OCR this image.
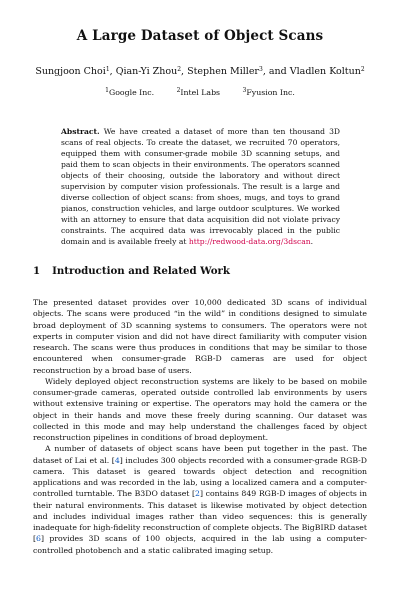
A Large Dataset of Object Scans
Sungjoon Choi$^1$, Qian-Yi Zhou$^2$, Stephen Miller$^3$, and Vladlen Koltun$^2$
$^1$Google Inc.	$^2$Intel Labs	$^3$Fyusion Inc.
Abstract. We have created a dataset of more than ten thousand 3D scans of real objects. To create the dataset, we recruited 70 operators, equipped them with consumer-grade mobile 3D scanning setups, and paid them to scan objects in their environments. The operators scanned objects of their choosing, outside the laboratory and without direct supervision by computer vision professionals. The result is a large and diverse collection of object scans: from shoes, mugs, and toys to grand pianos, construction vehicles, and large outdoor sculptures. We worked with an attorney to ensure that data acquisition did not violate privacy constraints. The acquired data was irrevocably placed in the public domain and is available freely at http://redwood-data.org/3dscan.
1 Introduction and Related Work

The presented dataset provides over 10,000 dedicated 3D scans of individual objects. The scans were produced “in the wild” in conditions designed to simulate broad deployment of 3D scanning systems to consumers. The operators were not experts in computer vision and did not have direct familiarity with computer vision research. The scans were thus produces in conditions that may be similar to those encountered when consumer-grade RGB-D cameras are used for object reconstruction by a broad base of users.

Widely deployed object reconstruction systems are likely to be based on mobile consumer-grade cameras, operated outside controlled lab environments by users without extensive training or expertise. The operators may hold the camera or the object in their hands and move these freely during scanning. Our dataset was collected in this mode and may help understand the challenges faced by object reconstruction pipelines in conditions of broad deployment.

A number of datasets of object scans have been put together in the past. The dataset of Lai et al. [4] includes 300 objects recorded with a consumer-grade RGB-D camera. This dataset is geared towards object detection and recognition applications and was recorded in the lab, using a localized camera and a computer-controlled turntable. The B3DO dataset [2] contains 849 RGB-D images of objects in their natural environments. This dataset is likewise motivated by object detection and includes individual images rather than video sequences: this is generally inadequate for high-fidelity reconstruction of complete objects. The BigBIRD dataset [6] provides 3D scans of 100 objects, acquired in the lab using a computer-controlled photobench and a static calibrated imaging setup.
